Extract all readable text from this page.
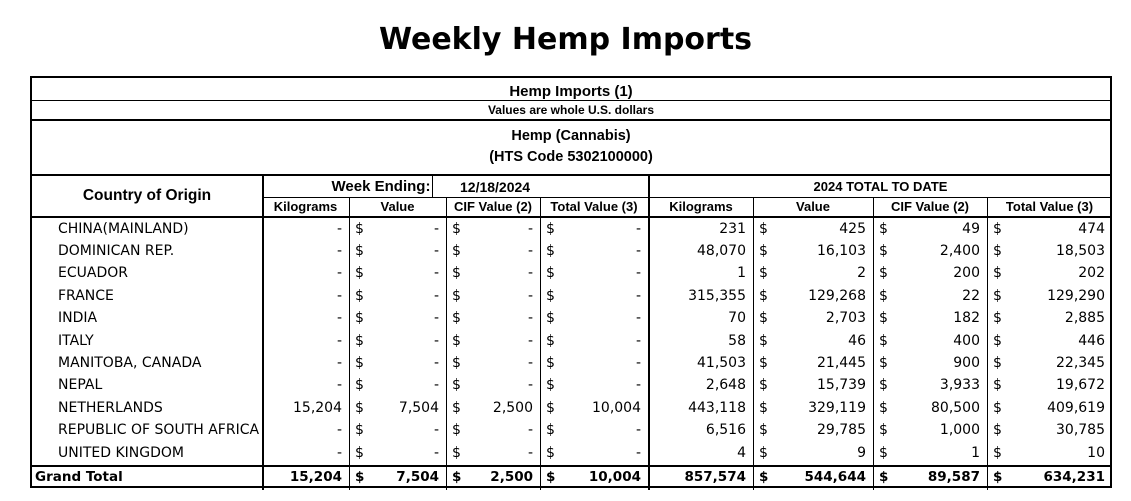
Weekly Hemp Imports
Hemp Imports (1)
Values are whole U.S. dollars
Hemp (Cannabis)
(HTS Code 5302100000)
Country of Origin
Week Ending:	12/18/2024	2024 TOTAL TO DATE
Kilograms	Value	CIF Value (2)	Total Value (3)	Kilograms	Value	CIF Value (2)	Total Value (3)
CHINA(MAINLAND)	- $	- $	- $	-	231 $	425 $	49 $	474
DOMINICAN REP.	- $	- $	- $	-	48,070 $	16,103 $	2,400 $	18,503
ECUADOR	- $	- $	- $	-	1 $	2 $	200 $	202
FRANCE	- $	- $	- $	-	315,355 $	129,268 $	22 $	129,290
INDIA	- $	- $	- $	-	70 $	2,703 $	182 $	2,885
ITALY	- $	- $	- $	-	58 $	46 $	400 $	446
MANITOBA, CANADA	- $	- $	- $	-	41,503 $	21,445 $	900 $	22,345
NEPAL	- $	- $	- $	-	2,648 $	15,739 $	3,933 $	19,672
NETHERLANDS	15,204 $	7,504 $	2,500 $	10,004	443,118 $	329,119 $	80,500 $	409,619
REPUBLIC OF SOUTH AFRICA	- $	- $	- $	-	6,516 $	29,785 $	1,000 $	30,785
UNITED KINGDOM	- $	- $	- $	-	4 $	9 $	1 $	10
Grand Total	15,204 $	7,504 $	2,500 $	10,004	857,574 $	544,644 $	89,587 $	634,231
